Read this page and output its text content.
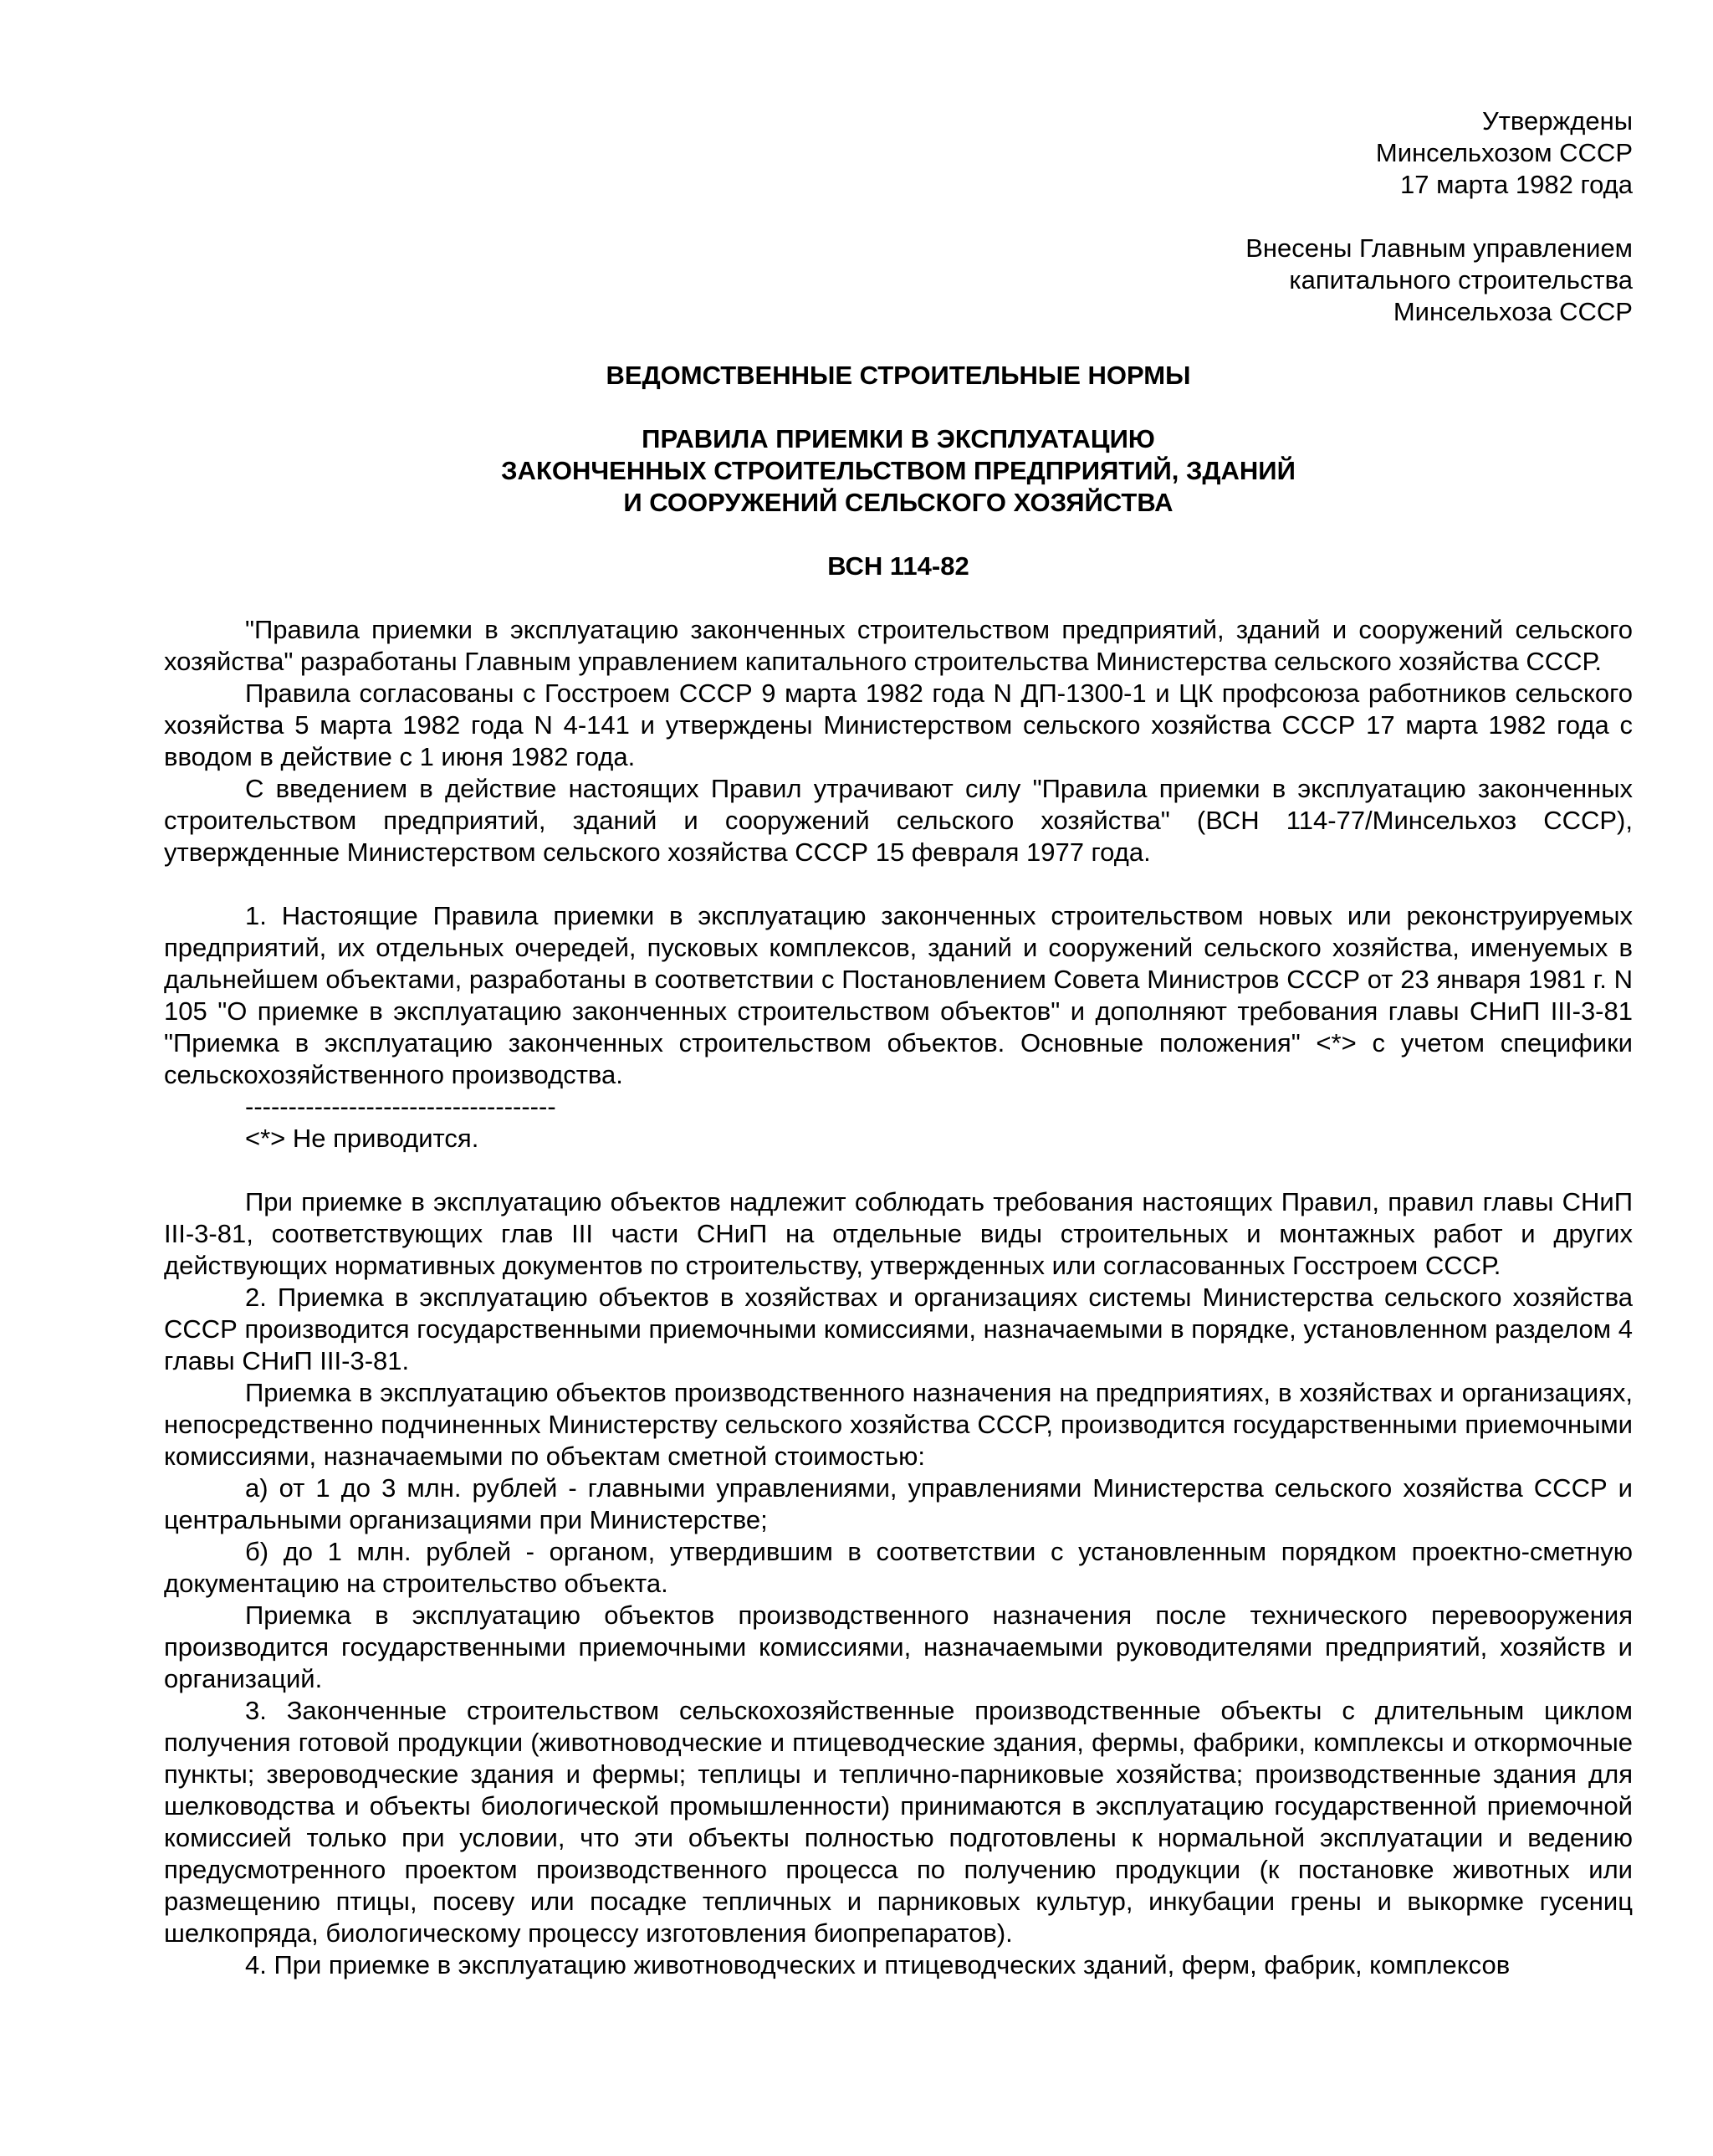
Утверждены
Минсельхозом СССР
17 марта 1982 года
Внесены Главным управлением
капитального строительства
Минсельхоза СССР
ВЕДОМСТВЕННЫЕ СТРОИТЕЛЬНЫЕ НОРМЫ
ПРАВИЛА ПРИЕМКИ В ЭКСПЛУАТАЦИЮ
ЗАКОНЧЕННЫХ СТРОИТЕЛЬСТВОМ ПРЕДПРИЯТИЙ, ЗДАНИЙ
И СООРУЖЕНИЙ СЕЛЬСКОГО ХОЗЯЙСТВА
ВСН 114-82

"Правила приемки в эксплуатацию законченных строительством предприятий, зданий и сооружений сельского хозяйства" разработаны Главным управлением капитального строительства Министерства сельского хозяйства СССР.

Правила согласованы с Госстроем СССР 9 марта 1982 года N ДП-1300-1 и ЦК профсоюза работников сельского хозяйства 5 марта 1982 года N 4-141 и утверждены Министерством сельского хозяйства СССР 17 марта 1982 года с вводом в действие с 1 июня 1982 года.

С введением в действие настоящих Правил утрачивают силу "Правила приемки в эксплуатацию законченных строительством предприятий, зданий и сооружений сельского хозяйства" (ВСН 114-77/Минсельхоз СССР), утвержденные Министерством сельского хозяйства СССР 15 февраля 1977 года.

1. Настоящие Правила приемки в эксплуатацию законченных строительством новых или реконструируемых предприятий, их отдельных очередей, пусковых комплексов, зданий и сооружений сельского хозяйства, именуемых в дальнейшем объектами, разработаны в соответствии с Постановлением Совета Министров СССР от 23 января 1981 г. N 105 "О приемке в эксплуатацию законченных строительством объектов" и дополняют требования главы СНиП III-3-81 "Приемка в эксплуатацию законченных строительством объектов. Основные положения" <*> с учетом специфики сельскохозяйственного производства.

------------------------------------
<*> Не приводится.

При приемке в эксплуатацию объектов надлежит соблюдать требования настоящих Правил, правил главы СНиП III-3-81, соответствующих глав III части СНиП на отдельные виды строительных и монтажных работ и других действующих нормативных документов по строительству, утвержденных или согласованных Госстроем СССР.

2. Приемка в эксплуатацию объектов в хозяйствах и организациях системы Министерства сельского хозяйства СССР производится государственными приемочными комиссиями, назначаемыми в порядке, установленном разделом 4 главы СНиП III-3-81.

Приемка в эксплуатацию объектов производственного назначения на предприятиях, в хозяйствах и организациях, непосредственно подчиненных Министерству сельского хозяйства СССР, производится государственными приемочными комиссиями, назначаемыми по объектам сметной стоимостью:

а) от 1 до 3 млн. рублей - главными управлениями, управлениями Министерства сельского хозяйства СССР и центральными организациями при Министерстве;

б) до 1 млн. рублей - органом, утвердившим в соответствии с установленным порядком проектно-сметную документацию на строительство объекта.

Приемка в эксплуатацию объектов производственного назначения после технического перевооружения производится государственными приемочными комиссиями, назначаемыми руководителями предприятий, хозяйств и организаций.

3. Законченные строительством сельскохозяйственные производственные объекты с длительным циклом получения готовой продукции (животноводческие и птицеводческие здания, фермы, фабрики, комплексы и откормочные пункты; звероводческие здания и фермы; теплицы и теплично-парниковые хозяйства; производственные здания для шелководства и объекты биологической промышленности) принимаются в эксплуатацию государственной приемочной комиссией только при условии, что эти объекты полностью подготовлены к нормальной эксплуатации и ведению предусмотренного проектом производственного процесса по получению продукции (к постановке животных или размещению птицы, посеву или посадке тепличных и парниковых культур, инкубации грены и выкормке гусениц шелкопряда, биологическому процессу изготовления биопрепаратов).

4. При приемке в эксплуатацию животноводческих и птицеводческих зданий, ферм, фабрик, комплексов
